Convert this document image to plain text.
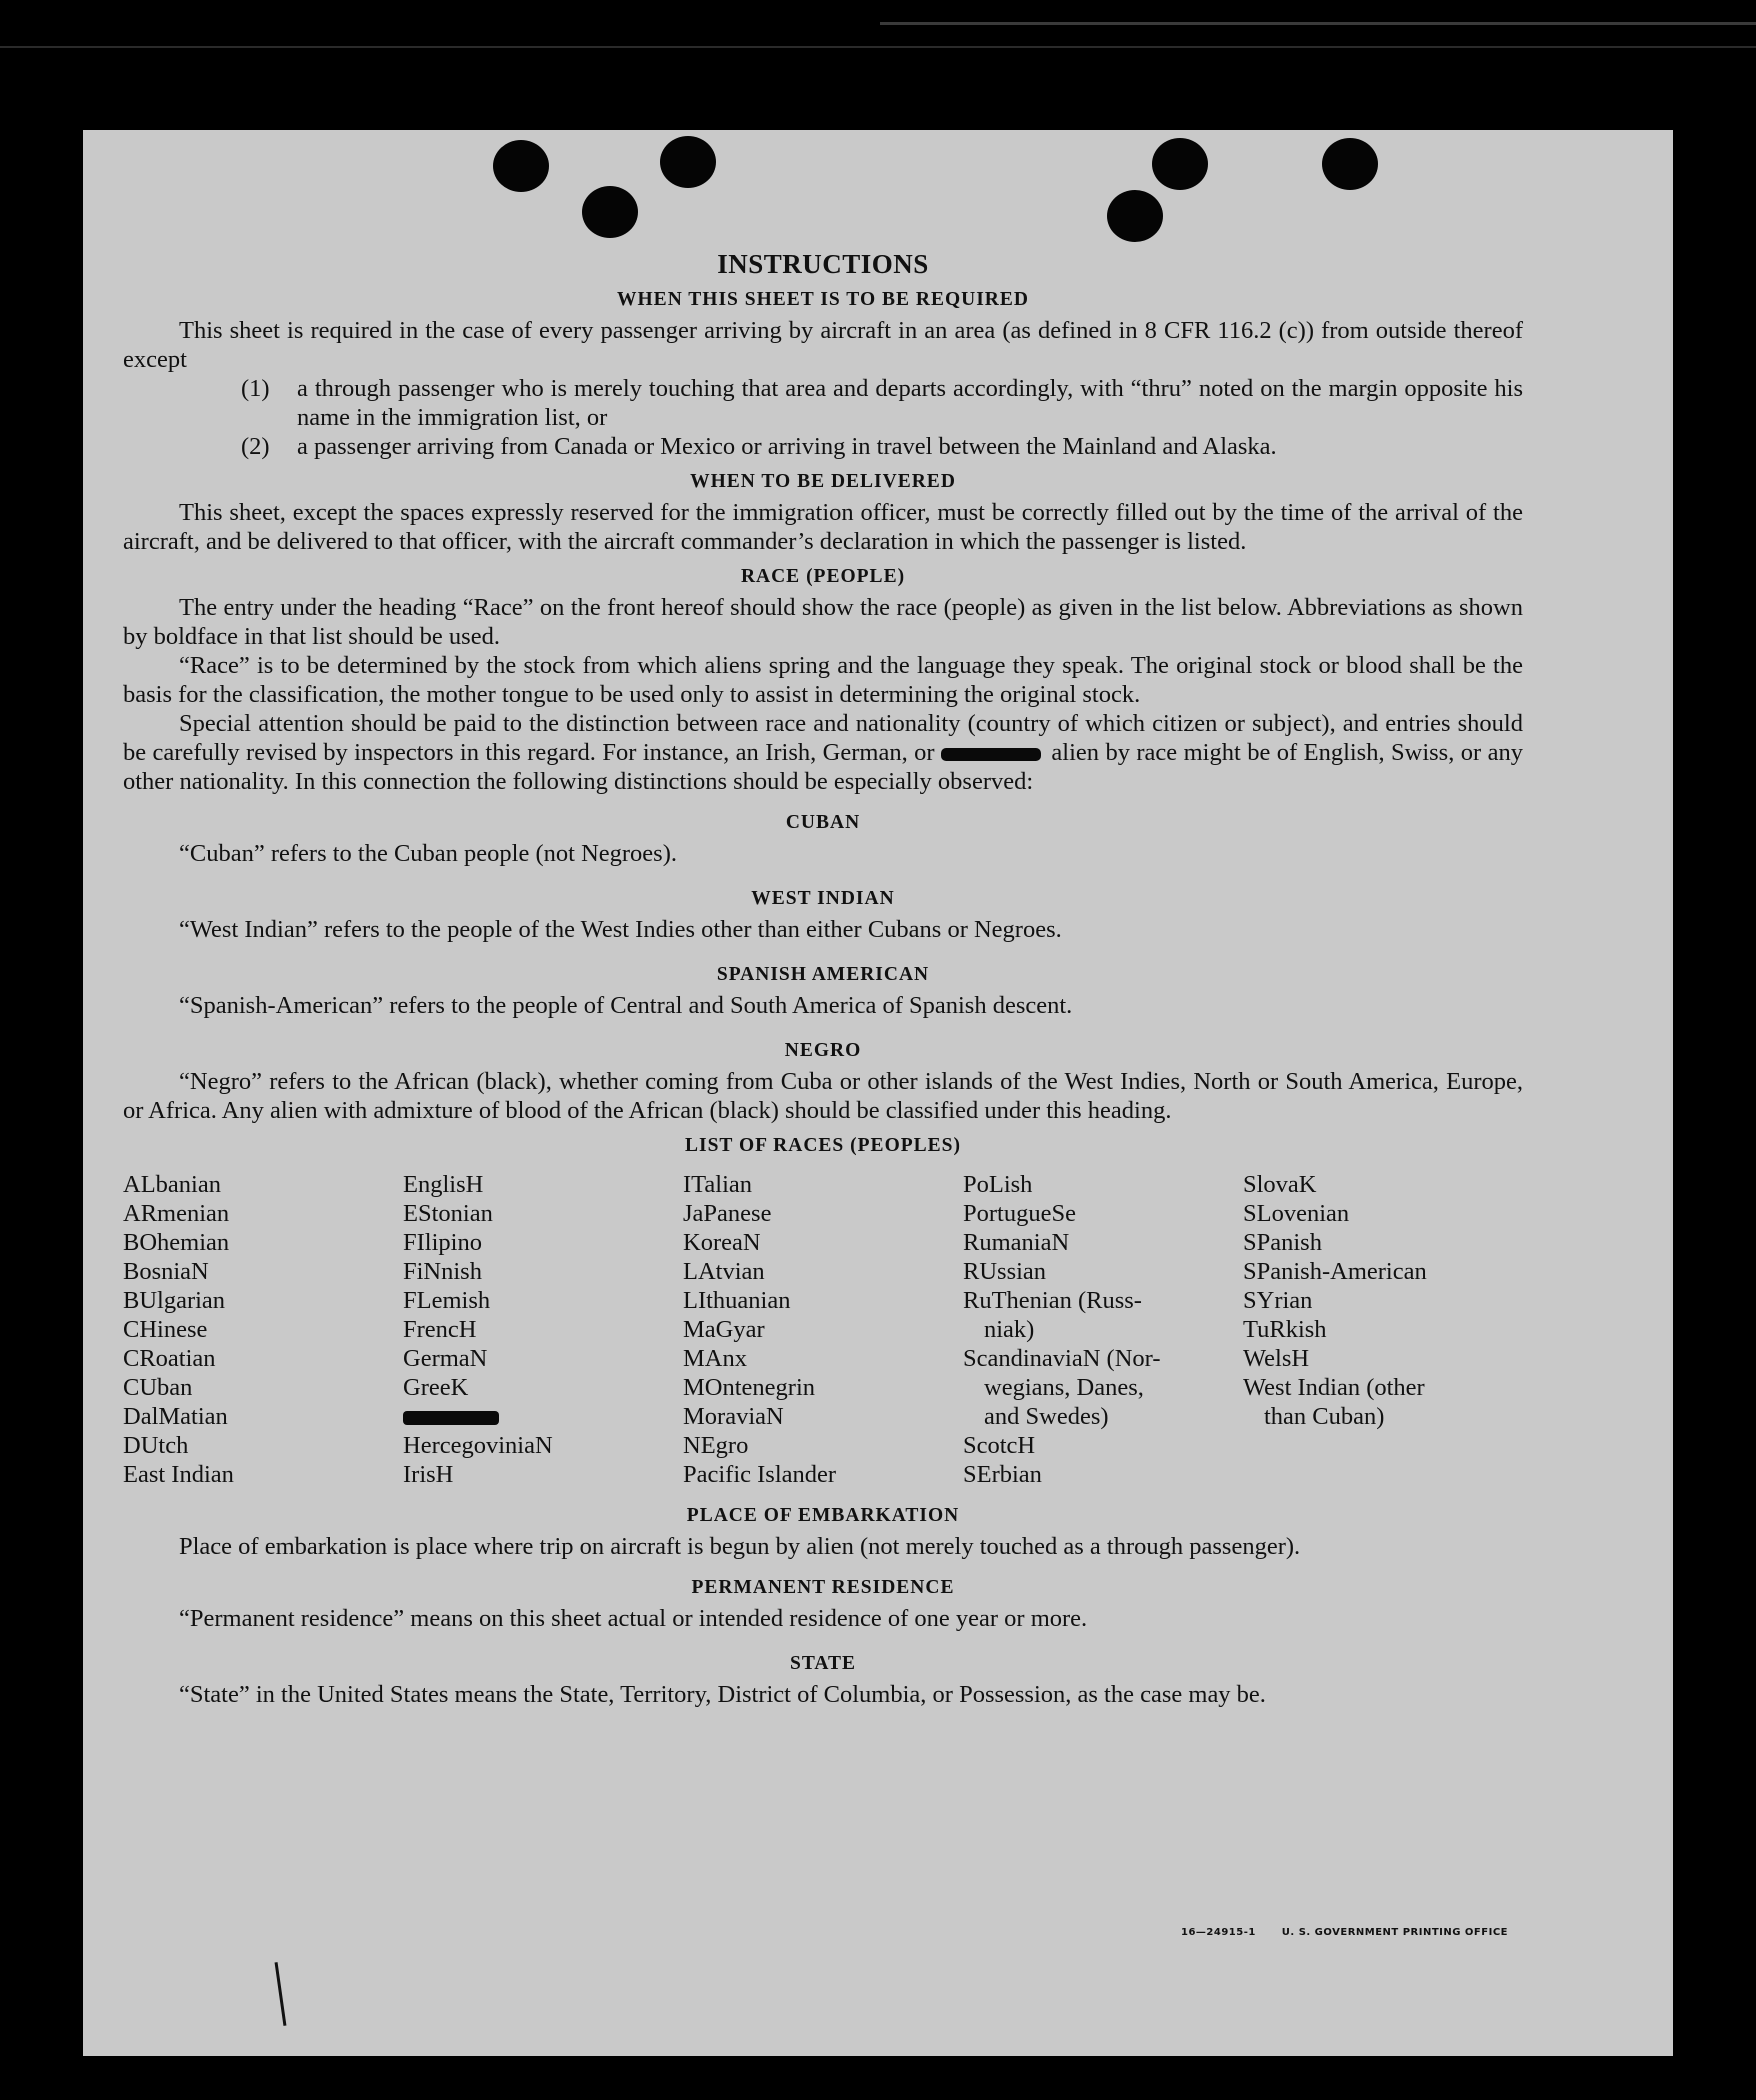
INSTRUCTIONS
WHEN THIS SHEET IS TO BE REQUIRED

This sheet is required in the case of every passenger arriving by aircraft in an area (as defined in 8 CFR 116.2 (c)) from outside thereof except

(1)	a through passenger who is merely touching that area and departs accordingly, with “thru” noted on the margin opposite his name in the immigration list, or
(2)	a passenger arriving from Canada or Mexico or arriving in travel between the Mainland and Alaska.
WHEN TO BE DELIVERED

This sheet, except the spaces expressly reserved for the immigration officer, must be correctly filled out by the time of the arrival of the aircraft, and be delivered to that officer, with the aircraft commander’s declaration in which the passenger is listed.

RACE (PEOPLE)

The entry under the heading “Race” on the front hereof should show the race (people) as given in the list below. Abbreviations as shown by boldface in that list should be used.

“Race” is to be determined by the stock from which aliens spring and the language they speak. The original stock or blood shall be the basis for the classification, the mother tongue to be used only to assist in determining the original stock.

Special attention should be paid to the distinction between race and nationality (country of which citizen or subject), and entries should be carefully revised by inspectors in this regard. For instance, an Irish, German, or	alien by race might be of English, Swiss, or any other nationality. In this connection the following distinctions should be especially observed:

CUBAN

“Cuban” refers to the Cuban people (not Negroes).

WEST INDIAN

“West Indian” refers to the people of the West Indies other than either Cubans or Negroes.

SPANISH AMERICAN

“Spanish-American” refers to the people of Central and South America of Spanish descent.

NEGRO

“Negro” refers to the African (black), whether coming from Cuba or other islands of the West Indies, North or South America, Europe, or Africa. Any alien with admixture of blood of the African (black) should be classified under this heading.

LIST OF RACES (PEOPLES)
ALbanian
ARmenian
BOhemian
BosniaN
BUlgarian
CHinese
CRoatian
CUban
DalMatian
DUtch
East Indian
EnglisH
EStonian
FIlipino
FiNnish
FLemish
FrencH
GermaN
GreeK
HercegoviniaN
IrisH
ITalian
JaPanese
KoreaN
LAtvian
LIthuanian
MaGyar
MAnx
MOntenegrin
MoraviaN
NEgro
Pacific Islander
PoLish
PortugueSe
RumaniaN
RUssian
RuThenian (Russ-
niak)
ScandinaviaN (Nor-
wegians, Danes,
and Swedes)
ScotcH
SErbian
SlovaK
SLovenian
SPanish
SPanish-American
SYrian
TuRkish
WelsH
West Indian (other
than Cuban)
PLACE OF EMBARKATION

Place of embarkation is place where trip on aircraft is begun by alien (not merely touched as a through passenger).

PERMANENT RESIDENCE

“Permanent residence” means on this sheet actual or intended residence of one year or more.

STATE

“State” in the United States means the State, Territory, District of Columbia, or Possession, as the case may be.

16—24915-1	U. S. GOVERNMENT PRINTING OFFICE
